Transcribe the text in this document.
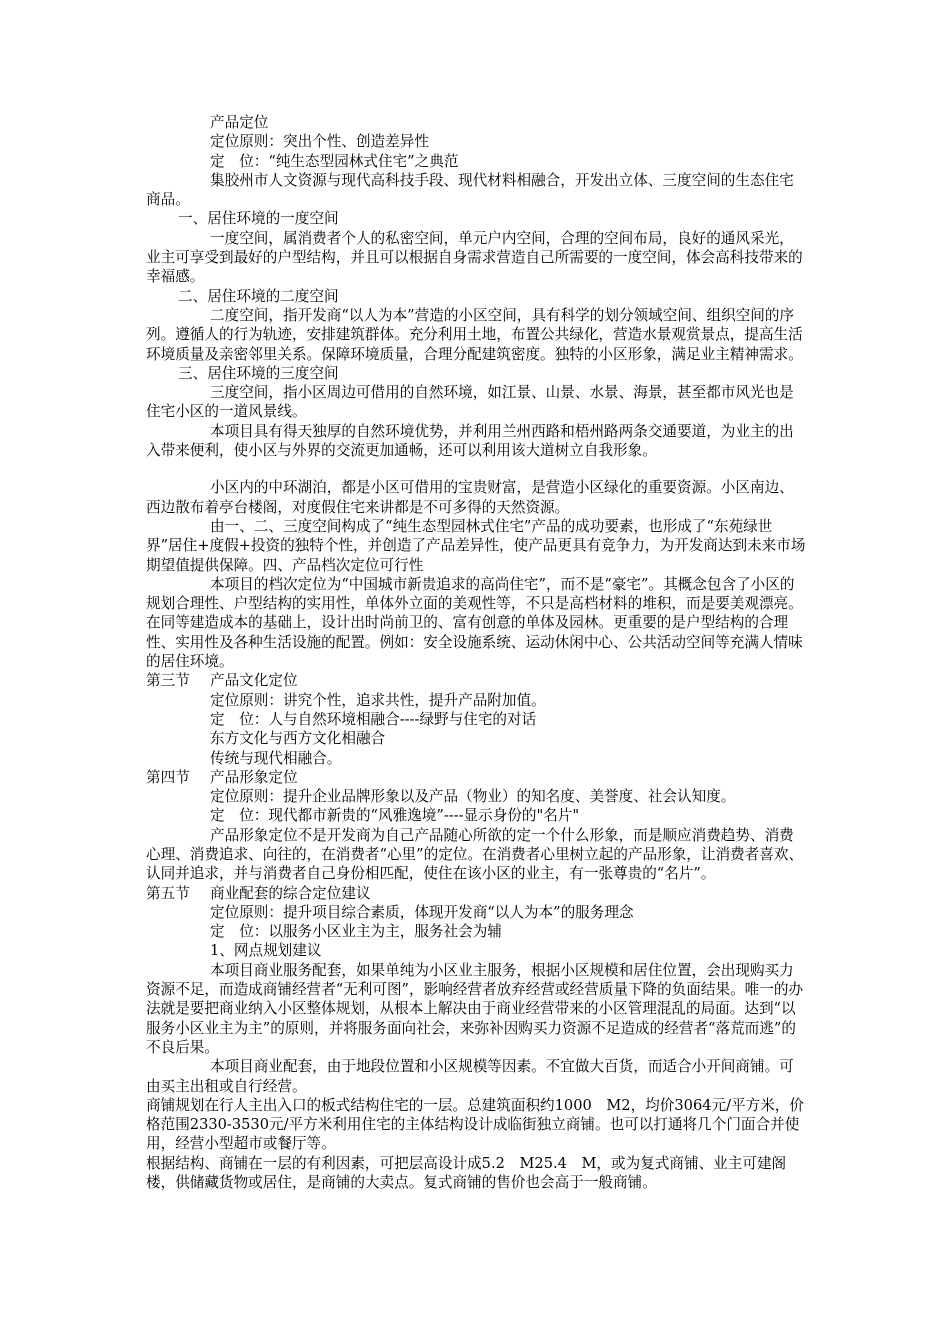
产品定位

定位原则：突出个性、创造差异性

定　位：“纯生态型园林式住宅”之典范

集胶州市人文资源与现代高科技手段、现代材料相融合，开发出立体、三度空间的生态住宅商品。

一、居住环境的一度空间

一度空间，属消费者个人的私密空间，单元户内空间，合理的空间布局，良好的通风采光，业主可享受到最好的户型结构，并且可以根据自身需求营造自己所需要的一度空间，体会高科技带来的幸福感。

二、居住环境的二度空间

二度空间，指开发商“以人为本”营造的小区空间，具有科学的划分领域空间、组织空间的序列。遵循人的行为轨迹，安排建筑群体。充分利用土地，布置公共绿化，营造水景观赏景点，提高生活环境质量及亲密邻里关系。保障环境质量，合理分配建筑密度。独特的小区形象，满足业主精神需求。

三、居住环境的三度空间

三度空间，指小区周边可借用的自然环境，如江景、山景、水景、海景，甚至都市风光也是住宅小区的一道风景线。

本项目具有得天独厚的自然环境优势，并利用兰州西路和梧州路两条交通要道，为业主的出入带来便利，使小区与外界的交流更加通畅，还可以利用该大道树立自我形象。

小区内的中环湖泊，都是小区可借用的宝贵财富，是营造小区绿化的重要资源。小区南边、西边散布着亭台楼阁，对度假住宅来讲都是不可多得的天然资源。

由一、二、三度空间构成了“纯生态型园林式住宅”产品的成功要素，也形成了“东苑绿世界”居住+度假+投资的独特个性，并创造了产品差异性，使产品更具有竞争力，为开发商达到未来市场期望值提供保障。四、产品档次定位可行性

本项目的档次定位为“中国城市新贵追求的高尚住宅”，而不是“豪宅”。其概念包含了小区的规划合理性、户型结构的实用性，单体外立面的美观性等，不只是高档材料的堆积，而是要美观漂亮。在同等建造成本的基础上，设计出时尚前卫的、富有创意的单体及园林。更重要的是户型结构的合理性、实用性及各种生活设施的配置。例如：安全设施系统、运动休闲中心、公共活动空间等充满人情味的居住环境。

第三节 产品文化定位

定位原则：讲究个性，追求共性，提升产品附加值。

定　位：人与自然环境相融合----绿野与住宅的对话

东方文化与西方文化相融合

传统与现代相融合。

第四节 产品形象定位

定位原则：提升企业品牌形象以及产品（物业）的知名度、美誉度、社会认知度。

定　位：现代都市新贵的“风雅逸境”----显示身份的"名片"

产品形象定位不是开发商为自己产品随心所欲的定一个什么形象，而是顺应消费趋势、消费心理、消费追求、向往的，在消费者“心里”的定位。在消费者心里树立起的产品形象，让消费者喜欢、认同并追求，并与消费者自己身份相匹配，使住在该小区的业主，有一张尊贵的“名片”。

第五节 商业配套的综合定位建议

定位原则：提升项目综合素质，体现开发商“以人为本”的服务理念

定　位：以服务小区业主为主，服务社会为辅

1、网点规划建议

本项目商业服务配套，如果单纯为小区业主服务，根据小区规模和居住位置，会出现购买力资源不足，而造成商铺经营者“无利可图”，影响经营者放弃经营或经营质量下降的负面结果。唯一的办法就是要把商业纳入小区整体规划，从根本上解决由于商业经营带来的小区管理混乱的局面。达到“以服务小区业主为主”的原则，并将服务面向社会，来弥补因购买力资源不足造成的经营者“落荒而逃”的不良后果。

本项目商业配套，由于地段位置和小区规模等因素。不宜做大百货，而适合小开间商铺。可由买主出租或自行经营。

商铺规划在行人主出入口的板式结构住宅的一层。总建筑面积约1000　M2，均价3064元/平方米，价格范围2330-3530元/平方米利用住宅的主体结构设计成临街独立商铺。也可以打通将几个门面合并使用，经营小型超市或餐厅等。

根据结构、商铺在一层的有利因素，可把层高设计成5.2　M25.4　M，或为复式商铺、业主可建阁楼，供储藏货物或居住，是商铺的大卖点。复式商铺的售价也会高于一般商铺。
